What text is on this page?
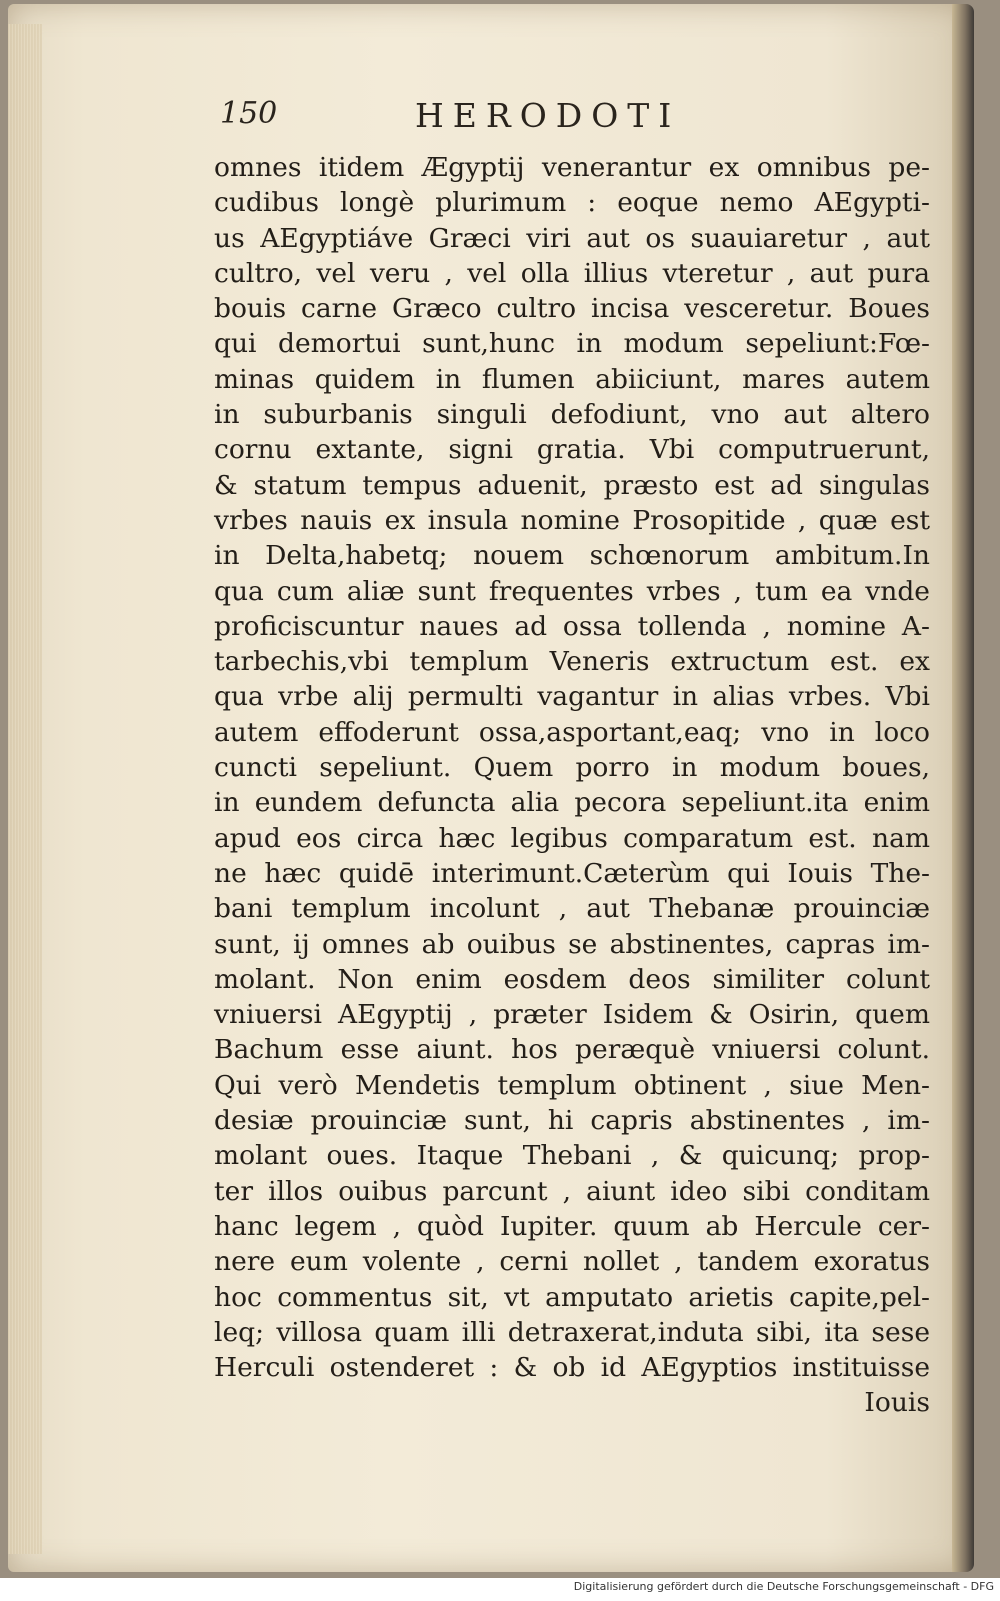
150	HERODOTI
omnes itidem Ægyptij venerantur ex omnibus pe-
cudibus longè plurimum : eoque nemo AEgypti-
us AEgyptiáve Græci viri aut os suauiaretur , aut
cultro, vel veru , vel olla illius vteretur , aut pura
bouis carne Græco cultro incisa vesceretur. Boues
qui demortui sunt,hunc in modum sepeliunt:Fœ-
minas quidem in flumen abiiciunt, mares autem
in suburbanis singuli defodiunt, vno aut altero
cornu extante, signi gratia. Vbi computruerunt,
& statum tempus aduenit, præsto est ad singulas
vrbes nauis ex insula nomine Prosopitide , quæ est
in Delta,habetq; nouem schœnorum ambitum.In
qua cum aliæ sunt frequentes vrbes , tum ea vnde
proficiscuntur naues ad ossa tollenda , nomine A-
tarbechis,vbi templum Veneris extructum est. ex
qua vrbe alij permulti vagantur in alias vrbes. Vbi
autem effoderunt ossa,asportant,eaq; vno in loco
cuncti sepeliunt. Quem porro in modum boues,
in eundem defuncta alia pecora sepeliunt.ita enim
apud eos circa hæc legibus comparatum est. nam
ne hæc quidē interimunt.Cæterùm qui Iouis The-
bani templum incolunt , aut Thebanæ prouinciæ
sunt, ij omnes ab ouibus se abstinentes, capras im-
molant. Non enim eosdem deos similiter colunt
vniuersi AEgyptij , præter Isidem & Osirin, quem
Bachum esse aiunt. hos peræquè vniuersi colunt.
Qui verò Mendetis templum obtinent , siue Men-
desiæ prouinciæ sunt, hi capris abstinentes , im-
molant oues. Itaque Thebani , & quicunq; prop-
ter illos ouibus parcunt , aiunt ideo sibi conditam
hanc legem , quòd Iupiter. quum ab Hercule cer-
nere eum volente , cerni nollet , tandem exoratus
hoc commentus sit, vt amputato arietis capite,pel-
leq; villosa quam illi detraxerat,induta sibi, ita sese
Herculi ostenderet : & ob id AEgyptios instituisse
Iouis
Digitalisierung gefördert durch die Deutsche Forschungsgemeinschaft - DFG
